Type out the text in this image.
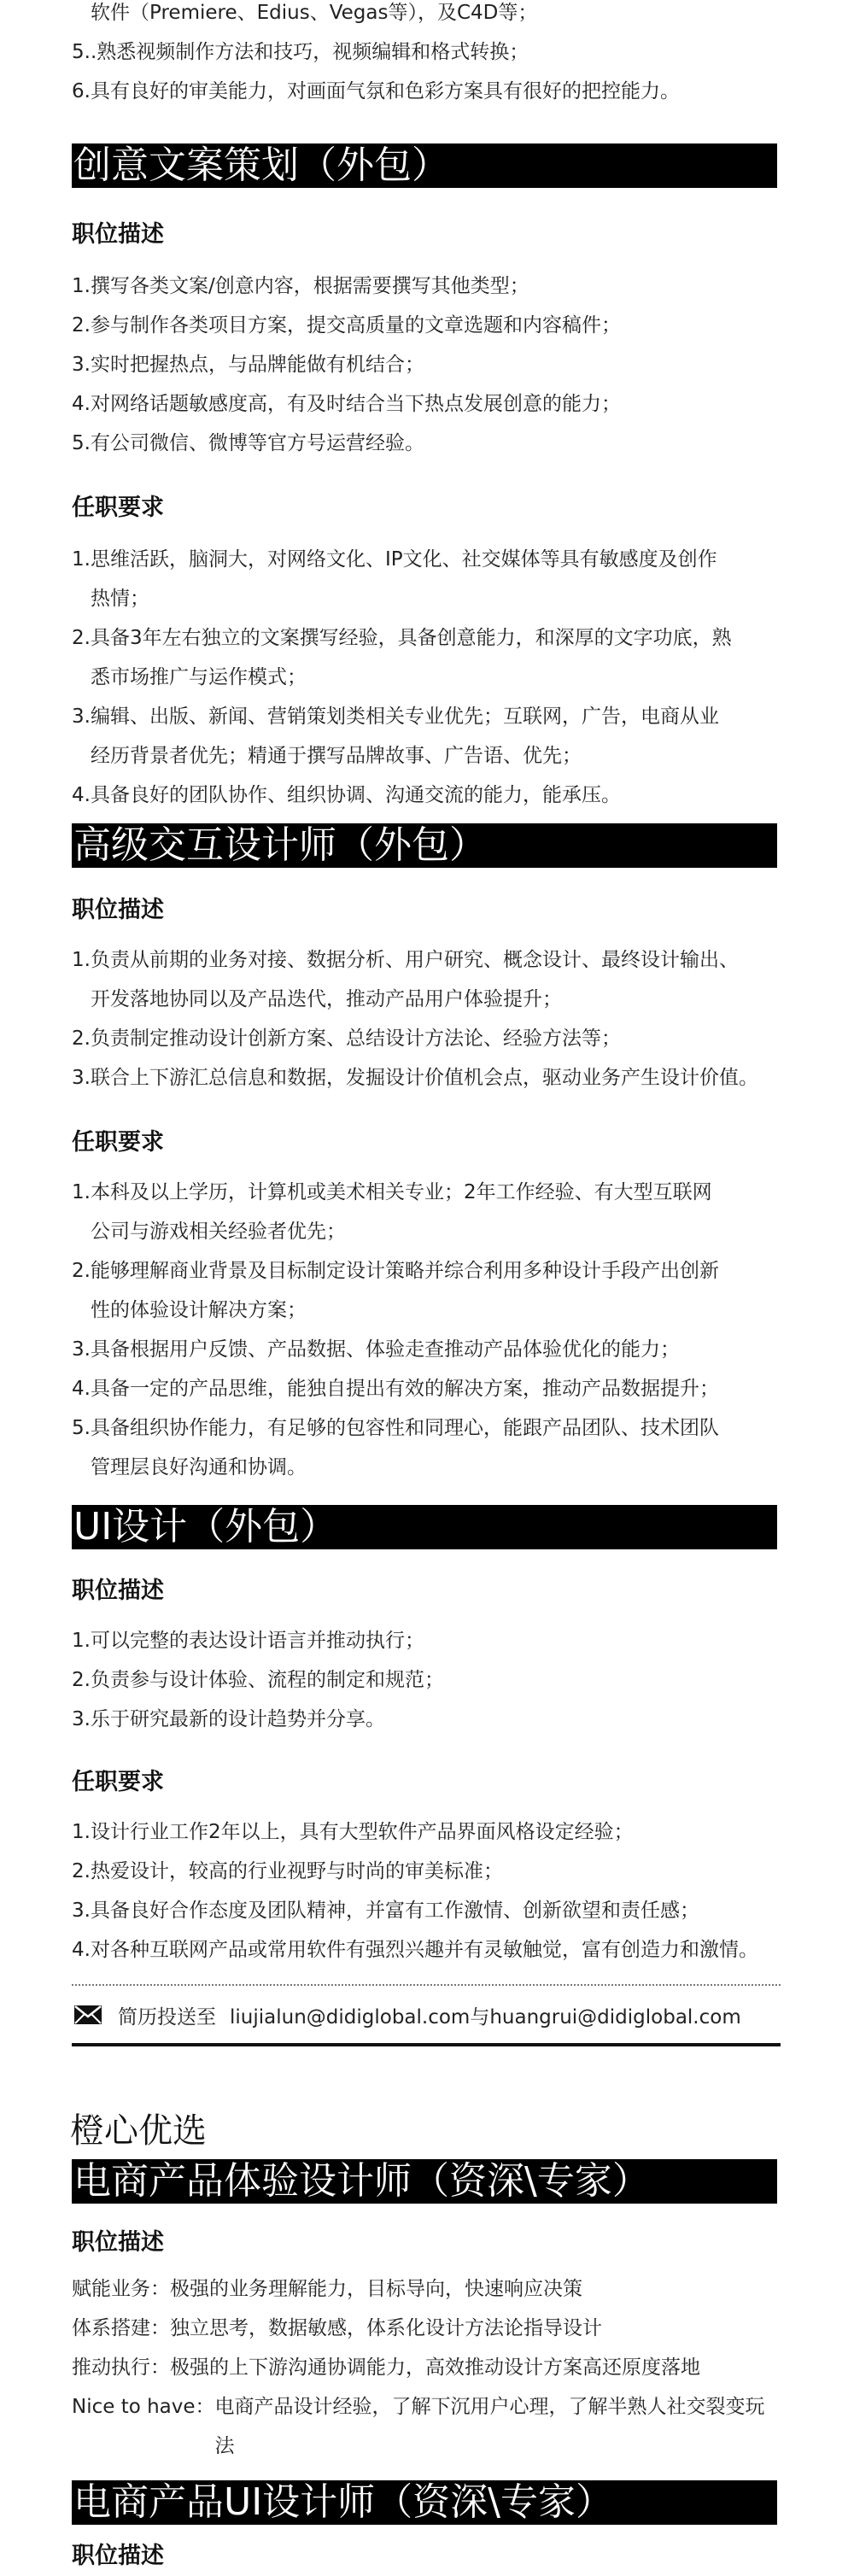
软件（Premiere、Edius、Vegas等），及C4D等；

5..熟悉视频制作方法和技巧，视频编辑和格式转换；

6.具有良好的审美能力，对画面气氛和色彩方案具有很好的把控能力。

创意文案策划（外包）

职位描述

1.撰写各类文案/创意内容，根据需要撰写其他类型；

2.参与制作各类项目方案，提交高质量的文章选题和内容稿件；

3.实时把握热点，与品牌能做有机结合；

4.对网络话题敏感度高，有及时结合当下热点发展创意的能力；

5.有公司微信、微博等官方号运营经验。

任职要求

1.思维活跃，脑洞大，对网络文化、IP文化、社交媒体等具有敏感度及创作

热情；

2.具备3年左右独立的文案撰写经验，具备创意能力，和深厚的文字功底，熟

悉市场推广与运作模式；

3.编辑、出版、新闻、营销策划类相关专业优先；互联网，广告，电商从业

经历背景者优先；精通于撰写品牌故事、广告语、优先；

4.具备良好的团队协作、组织协调、沟通交流的能力，能承压。

高级交互设计师（外包）

职位描述

1.负责从前期的业务对接、数据分析、用户研究、概念设计、最终设计输出、

开发落地协同以及产品迭代，推动产品用户体验提升；

2.负责制定推动设计创新方案、总结设计方法论、经验方法等；

3.联合上下游汇总信息和数据，发掘设计价值机会点，驱动业务产生设计价值。

任职要求

1.本科及以上学历，计算机或美术相关专业；2年工作经验、有大型互联网

公司与游戏相关经验者优先；

2.能够理解商业背景及目标制定设计策略并综合利用多种设计手段产出创新

性的体验设计解决方案；

3.具备根据用户反馈、产品数据、体验走查推动产品体验优化的能力；

4.具备一定的产品思维，能独自提出有效的解决方案，推动产品数据提升；

5.具备组织协作能力，有足够的包容性和同理心，能跟产品团队、技术团队

管理层良好沟通和协调。

UI设计（外包）

职位描述

1.可以完整的表达设计语言并推动执行；

2.负责参与设计体验、流程的制定和规范；

3.乐于研究最新的设计趋势并分享。

任职要求

1.设计行业工作2年以上，具有大型软件产品界面风格设定经验；

2.热爱设计，较高的行业视野与时尚的审美标准；

3.具备良好合作态度及团队精神，并富有工作激情、创新欲望和责任感；

4.对各种互联网产品或常用软件有强烈兴趣并有灵敏触觉，富有创造力和激情。

简历投送至 liujialun@didiglobal.com与huangrui@didiglobal.com
橙心优选
电商产品体验设计师（资深\专家）

职位描述

赋能业务： 极强的业务理解能力，目标导向，快速响应决策
体系搭建： 独立思考，数据敏感，体系化设计方法论指导设计
推动执行： 极强的上下游沟通协调能力，高效推动设计方案高还原度落地
Nice to have： 电商产品设计经验，了解下沉用户心理，了解半熟人社交裂变玩法
电商产品UI设计师（资深\专家）

职位描述
